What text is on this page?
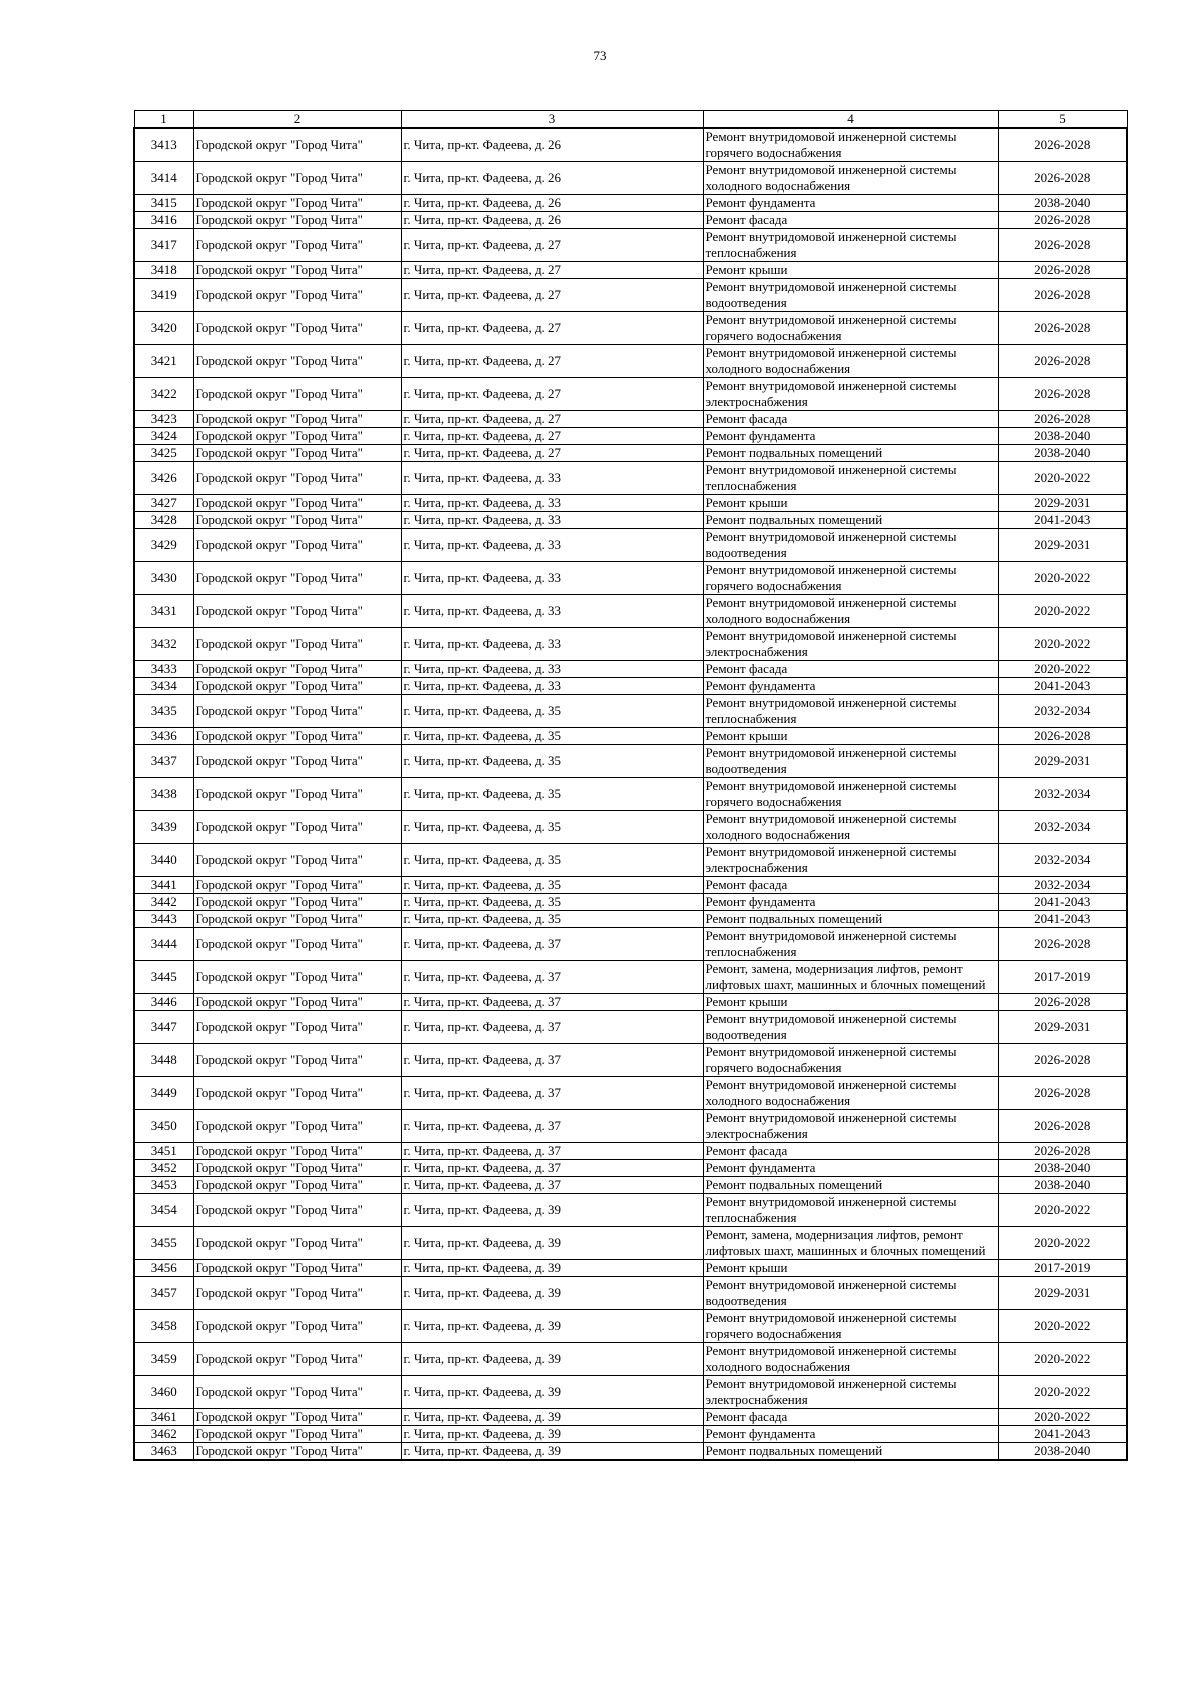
73
1	2	3	4	5
3413	Городской округ "Город Чита"	г. Чита, пр-кт. Фадеева, д. 26	Ремонт внутридомовой инженерной системы горячего водоснабжения	2026-2028
3414	Городской округ "Город Чита"	г. Чита, пр-кт. Фадеева, д. 26	Ремонт внутридомовой инженерной системы холодного водоснабжения	2026-2028
3415	Городской округ "Город Чита"	г. Чита, пр-кт. Фадеева, д. 26	Ремонт фундамента	2038-2040
3416	Городской округ "Город Чита"	г. Чита, пр-кт. Фадеева, д. 26	Ремонт фасада	2026-2028
3417	Городской округ "Город Чита"	г. Чита, пр-кт. Фадеева, д. 27	Ремонт внутридомовой инженерной системы теплоснабжения	2026-2028
3418	Городской округ "Город Чита"	г. Чита, пр-кт. Фадеева, д. 27	Ремонт крыши	2026-2028
3419	Городской округ "Город Чита"	г. Чита, пр-кт. Фадеева, д. 27	Ремонт внутридомовой инженерной системы водоотведения	2026-2028
3420	Городской округ "Город Чита"	г. Чита, пр-кт. Фадеева, д. 27	Ремонт внутридомовой инженерной системы горячего водоснабжения	2026-2028
3421	Городской округ "Город Чита"	г. Чита, пр-кт. Фадеева, д. 27	Ремонт внутридомовой инженерной системы холодного водоснабжения	2026-2028
3422	Городской округ "Город Чита"	г. Чита, пр-кт. Фадеева, д. 27	Ремонт внутридомовой инженерной системы электроснабжения	2026-2028
3423	Городской округ "Город Чита"	г. Чита, пр-кт. Фадеева, д. 27	Ремонт фасада	2026-2028
3424	Городской округ "Город Чита"	г. Чита, пр-кт. Фадеева, д. 27	Ремонт фундамента	2038-2040
3425	Городской округ "Город Чита"	г. Чита, пр-кт. Фадеева, д. 27	Ремонт подвальных помещений	2038-2040
3426	Городской округ "Город Чита"	г. Чита, пр-кт. Фадеева, д. 33	Ремонт внутридомовой инженерной системы теплоснабжения	2020-2022
3427	Городской округ "Город Чита"	г. Чита, пр-кт. Фадеева, д. 33	Ремонт крыши	2029-2031
3428	Городской округ "Город Чита"	г. Чита, пр-кт. Фадеева, д. 33	Ремонт подвальных помещений	2041-2043
3429	Городской округ "Город Чита"	г. Чита, пр-кт. Фадеева, д. 33	Ремонт внутридомовой инженерной системы водоотведения	2029-2031
3430	Городской округ "Город Чита"	г. Чита, пр-кт. Фадеева, д. 33	Ремонт внутридомовой инженерной системы горячего водоснабжения	2020-2022
3431	Городской округ "Город Чита"	г. Чита, пр-кт. Фадеева, д. 33	Ремонт внутридомовой инженерной системы холодного водоснабжения	2020-2022
3432	Городской округ "Город Чита"	г. Чита, пр-кт. Фадеева, д. 33	Ремонт внутридомовой инженерной системы электроснабжения	2020-2022
3433	Городской округ "Город Чита"	г. Чита, пр-кт. Фадеева, д. 33	Ремонт фасада	2020-2022
3434	Городской округ "Город Чита"	г. Чита, пр-кт. Фадеева, д. 33	Ремонт фундамента	2041-2043
3435	Городской округ "Город Чита"	г. Чита, пр-кт. Фадеева, д. 35	Ремонт внутридомовой инженерной системы теплоснабжения	2032-2034
3436	Городской округ "Город Чита"	г. Чита, пр-кт. Фадеева, д. 35	Ремонт крыши	2026-2028
3437	Городской округ "Город Чита"	г. Чита, пр-кт. Фадеева, д. 35	Ремонт внутридомовой инженерной системы водоотведения	2029-2031
3438	Городской округ "Город Чита"	г. Чита, пр-кт. Фадеева, д. 35	Ремонт внутридомовой инженерной системы горячего водоснабжения	2032-2034
3439	Городской округ "Город Чита"	г. Чита, пр-кт. Фадеева, д. 35	Ремонт внутридомовой инженерной системы холодного водоснабжения	2032-2034
3440	Городской округ "Город Чита"	г. Чита, пр-кт. Фадеева, д. 35	Ремонт внутридомовой инженерной системы электроснабжения	2032-2034
3441	Городской округ "Город Чита"	г. Чита, пр-кт. Фадеева, д. 35	Ремонт фасада	2032-2034
3442	Городской округ "Город Чита"	г. Чита, пр-кт. Фадеева, д. 35	Ремонт фундамента	2041-2043
3443	Городской округ "Город Чита"	г. Чита, пр-кт. Фадеева, д. 35	Ремонт подвальных помещений	2041-2043
3444	Городской округ "Город Чита"	г. Чита, пр-кт. Фадеева, д. 37	Ремонт внутридомовой инженерной системы теплоснабжения	2026-2028
3445	Городской округ "Город Чита"	г. Чита, пр-кт. Фадеева, д. 37	Ремонт, замена, модернизация лифтов, ремонт лифтовых шахт, машинных и блочных помещений	2017-2019
3446	Городской округ "Город Чита"	г. Чита, пр-кт. Фадеева, д. 37	Ремонт крыши	2026-2028
3447	Городской округ "Город Чита"	г. Чита, пр-кт. Фадеева, д. 37	Ремонт внутридомовой инженерной системы водоотведения	2029-2031
3448	Городской округ "Город Чита"	г. Чита, пр-кт. Фадеева, д. 37	Ремонт внутридомовой инженерной системы горячего водоснабжения	2026-2028
3449	Городской округ "Город Чита"	г. Чита, пр-кт. Фадеева, д. 37	Ремонт внутридомовой инженерной системы холодного водоснабжения	2026-2028
3450	Городской округ "Город Чита"	г. Чита, пр-кт. Фадеева, д. 37	Ремонт внутридомовой инженерной системы электроснабжения	2026-2028
3451	Городской округ "Город Чита"	г. Чита, пр-кт. Фадеева, д. 37	Ремонт фасада	2026-2028
3452	Городской округ "Город Чита"	г. Чита, пр-кт. Фадеева, д. 37	Ремонт фундамента	2038-2040
3453	Городской округ "Город Чита"	г. Чита, пр-кт. Фадеева, д. 37	Ремонт подвальных помещений	2038-2040
3454	Городской округ "Город Чита"	г. Чита, пр-кт. Фадеева, д. 39	Ремонт внутридомовой инженерной системы теплоснабжения	2020-2022
3455	Городской округ "Город Чита"	г. Чита, пр-кт. Фадеева, д. 39	Ремонт, замена, модернизация лифтов, ремонт лифтовых шахт, машинных и блочных помещений	2020-2022
3456	Городской округ "Город Чита"	г. Чита, пр-кт. Фадеева, д. 39	Ремонт крыши	2017-2019
3457	Городской округ "Город Чита"	г. Чита, пр-кт. Фадеева, д. 39	Ремонт внутридомовой инженерной системы водоотведения	2029-2031
3458	Городской округ "Город Чита"	г. Чита, пр-кт. Фадеева, д. 39	Ремонт внутридомовой инженерной системы горячего водоснабжения	2020-2022
3459	Городской округ "Город Чита"	г. Чита, пр-кт. Фадеева, д. 39	Ремонт внутридомовой инженерной системы холодного водоснабжения	2020-2022
3460	Городской округ "Город Чита"	г. Чита, пр-кт. Фадеева, д. 39	Ремонт внутридомовой инженерной системы электроснабжения	2020-2022
3461	Городской округ "Город Чита"	г. Чита, пр-кт. Фадеева, д. 39	Ремонт фасада	2020-2022
3462	Городской округ "Город Чита"	г. Чита, пр-кт. Фадеева, д. 39	Ремонт фундамента	2041-2043
3463	Городской округ "Город Чита"	г. Чита, пр-кт. Фадеева, д. 39	Ремонт подвальных помещений	2038-2040
